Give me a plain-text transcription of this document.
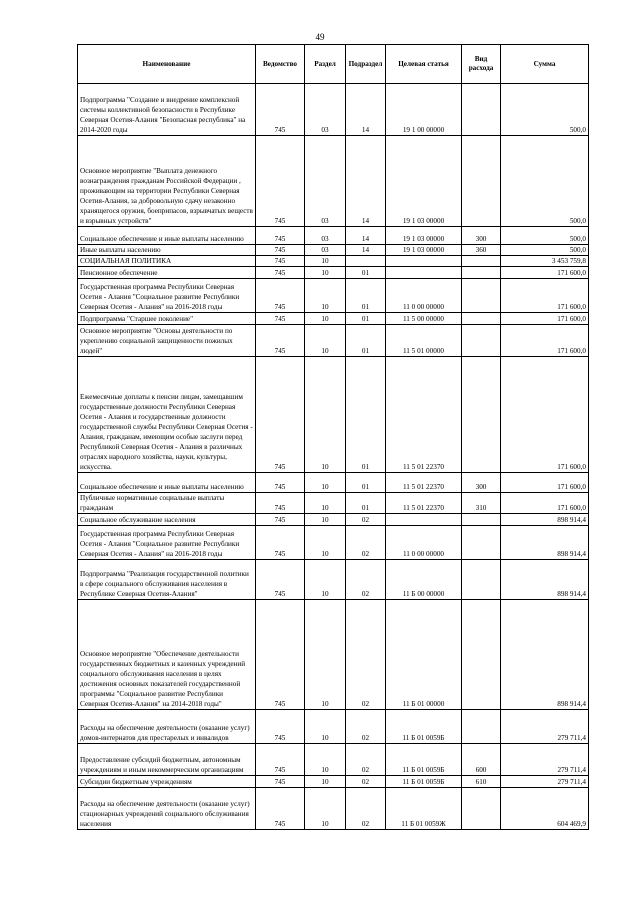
49
Наименование	Ведомство	Раздел	Подраздел	Целевая статья	Вид расхода	Сумма
Подпрограмма "Создание и внедрение комплексной системы коллективной безопасности в Республике Северная Осетия-Алания "Безопасная республика" на 2014-2020 годы	745	03	14	19 1 00 00000		500,0
Основное мероприятие "Выплата денежного вознаграждения гражданам Российской Федерации , проживающим на территории Республики Северная Осетия-Алания, за добровольную сдачу незаконно хранящегося оружия, боеприпасов, взрывчатых веществ и взрывных устройств"	745	03	14	19 1 03 00000		500,0
Социальное обеспечение и иные выплаты населению	745	03	14	19 1 03 00000	300	500,0
Иные выплаты населению	745	03	14	19 1 03 00000	360	500,0
СОЦИАЛЬНАЯ ПОЛИТИКА	745	10				3 453 759,8
Пенсионное обеспечение	745	10	01			171 600,0
Государственная программа Республики Северная Осетия - Алания "Социальное развитие Республики Северная Осетия - Алания" на 2016-2018 годы	745	10	01	11 0 00 00000		171 600,0
Подпрограмма "Старшее поколение"	745	10	01	11 5 00 00000		171 600,0
Основное мероприятие "Основы деятельности по укреплению социальной защищенности пожилых людей"	745	10	01	11 5 01 00000		171 600,0
Ежемесячные доплаты к пенсии лицам, замещавшим государственные должности Республики Северная Осетия - Алания и государственные должности государственной службы Республики Северная Осетия - Алания, гражданам, имеющим особые заслуги перед Республикой Северная Осетия - Алания в различных отраслях народного хозяйства, науки, культуры, искусства.	745	10	01	11 5 01 22370		171 600,0
Социальное обеспечение и иные выплаты населению	745	10	01	11 5 01 22370	300	171 600,0
Публичные нормативные социальные выплаты гражданам	745	10	01	11 5 01 22370	310	171 600,0
Социальное обслуживание населения	745	10	02			898 914,4
Государственная программа Республики Северная Осетия - Алания "Социальное развитие Республики Северная Осетия - Алания" на 2016-2018 годы	745	10	02	11 0 00 00000		898 914,4
Подпрограмма "Реализация государственной политики в сфере социального обслуживания населения в Республике Северная Осетия-Алания"	745	10	02	11 Б 00 00000		898 914,4
Основное мероприятие "Обеспечение деятельности государственных бюджетных и казенных учреждений социального обслуживания населения в целях достижения основных показателей государственной программы "Социальное развитие Республики Северная Осетия-Алания" на 2014-2018 годы"	745	10	02	11 Б 01 00000		898 914,4
Расходы на обеспечение деятельности (оказание услуг) домов-интернатов для престарелых и инвалидов	745	10	02	11 Б 01 0059Б		279 711,4
Предоставление субсидий бюджетным, автономным учреждениям и иным некоммерческим организациям	745	10	02	11 Б 01 0059Б	600	279 711,4
Субсидии бюджетным учреждениям	745	10	02	11 Б 01 0059Б	610	279 711,4
Расходы на обеспечение деятельности (оказание услуг) стационарных учреждений социального обслуживания населения	745	10	02	11 Б 01 0059Ж		604 469,9
